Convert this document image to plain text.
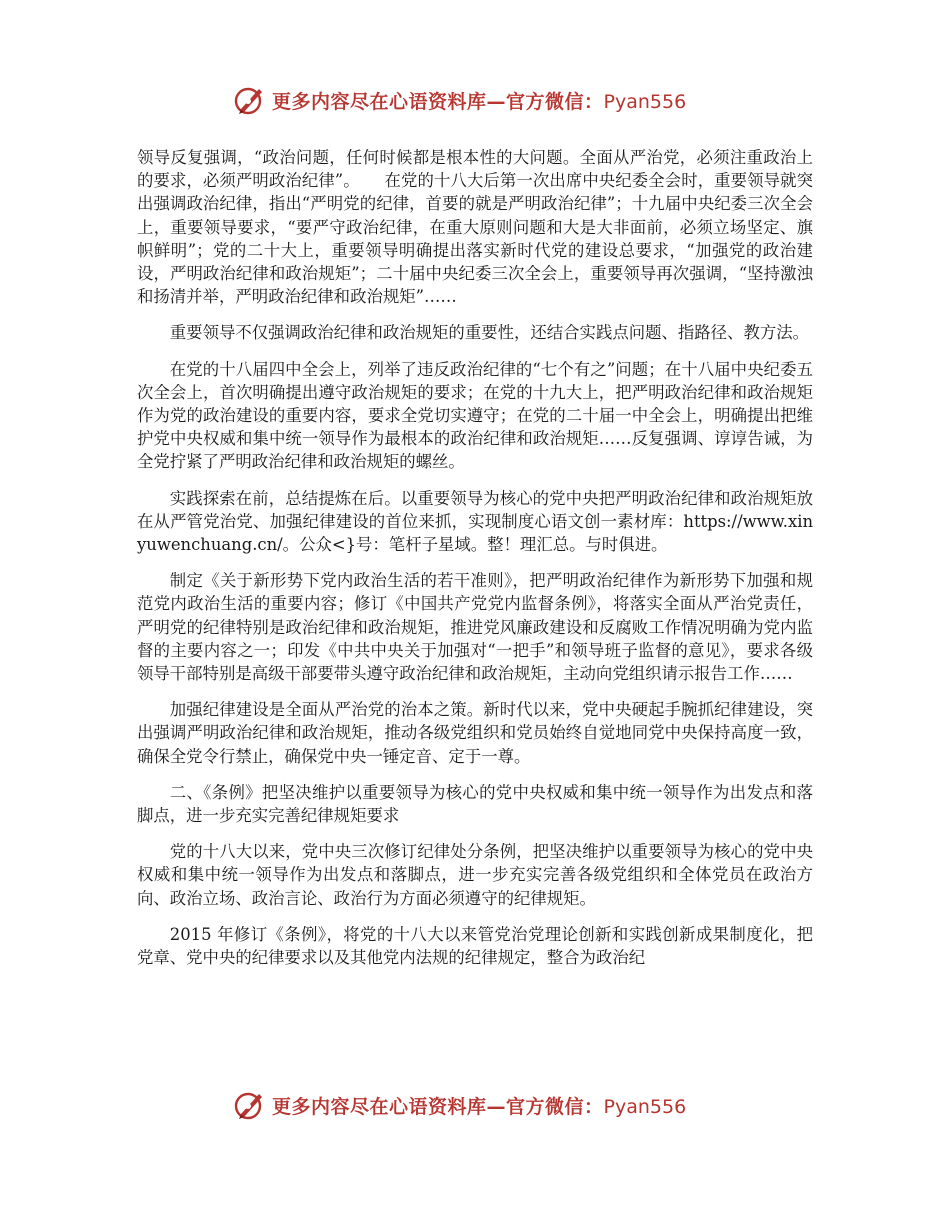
更多内容尽在心语资料库—官方微信：Pyan556

领导反复强调，“政治问题，任何时候都是根本性的大问题。全面从严治党，必须注重政治上的要求，必须严明政治纪律”。　　在党的十八大后第一次出席中央纪委全会时，重要领导就突出强调政治纪律，指出“严明党的纪律，首要的就是严明政治纪律”；十九届中央纪委三次全会上，重要领导要求，“要严守政治纪律，在重大原则问题和大是大非面前，必须立场坚定、旗帜鲜明”；党的二十大上，重要领导明确提出落实新时代党的建设总要求，“加强党的政治建设，严明政治纪律和政治规矩”；二十届中央纪委三次全会上，重要领导再次强调，“坚持激浊和扬清并举，严明政治纪律和政治规矩”……

重要领导不仅强调政治纪律和政治规矩的重要性，还结合实践点问题、指路径、教方法。

在党的十八届四中全会上，列举了违反政治纪律的“七个有之”问题；在十八届中央纪委五次全会上，首次明确提出遵守政治规矩的要求；在党的十九大上，把严明政治纪律和政治规矩作为党的政治建设的重要内容，要求全党切实遵守；在党的二十届一中全会上，明确提出把维护党中央权威和集中统一领导作为最根本的政治纪律和政治规矩……反复强调、谆谆告诫，为全党拧紧了严明政治纪律和政治规矩的螺丝。

实践探索在前，总结提炼在后。以重要领导为核心的党中央把严明政治纪律和政治规矩放在从严管党治党、加强纪律建设的首位来抓，实现制度心语文创一素材库：https://www.xinyuwenchuang.cn/。公众<}号：笔杆子星域。整！理汇总。与时俱进。

制定《关于新形势下党内政治生活的若干准则》，把严明政治纪律作为新形势下加强和规范党内政治生活的重要内容；修订《中国共产党党内监督条例》，将落实全面从严治党责任，严明党的纪律特别是政治纪律和政治规矩，推进党风廉政建设和反腐败工作情况明确为党内监督的主要内容之一；印发《中共中央关于加强对“一把手”和领导班子监督的意见》，要求各级领导干部特别是高级干部要带头遵守政治纪律和政治规矩，主动向党组织请示报告工作……

加强纪律建设是全面从严治党的治本之策。新时代以来，党中央硬起手腕抓纪律建设，突出强调严明政治纪律和政治规矩，推动各级党组织和党员始终自觉地同党中央保持高度一致，确保全党令行禁止，确保党中央一锤定音、定于一尊。

二、《条例》把坚决维护以重要领导为核心的党中央权威和集中统一领导作为出发点和落脚点，进一步充实完善纪律规矩要求

党的十八大以来，党中央三次修订纪律处分条例，把坚决维护以重要领导为核心的党中央权威和集中统一领导作为出发点和落脚点，进一步充实完善各级党组织和全体党员在政治方向、政治立场、政治言论、政治行为方面必须遵守的纪律规矩。

2015 年修订《条例》，将党的十八大以来管党治党理论创新和实践创新成果制度化，把党章、党中央的纪律要求以及其他党内法规的纪律规定，整合为政治纪

更多内容尽在心语资料库—官方微信：Pyan556
